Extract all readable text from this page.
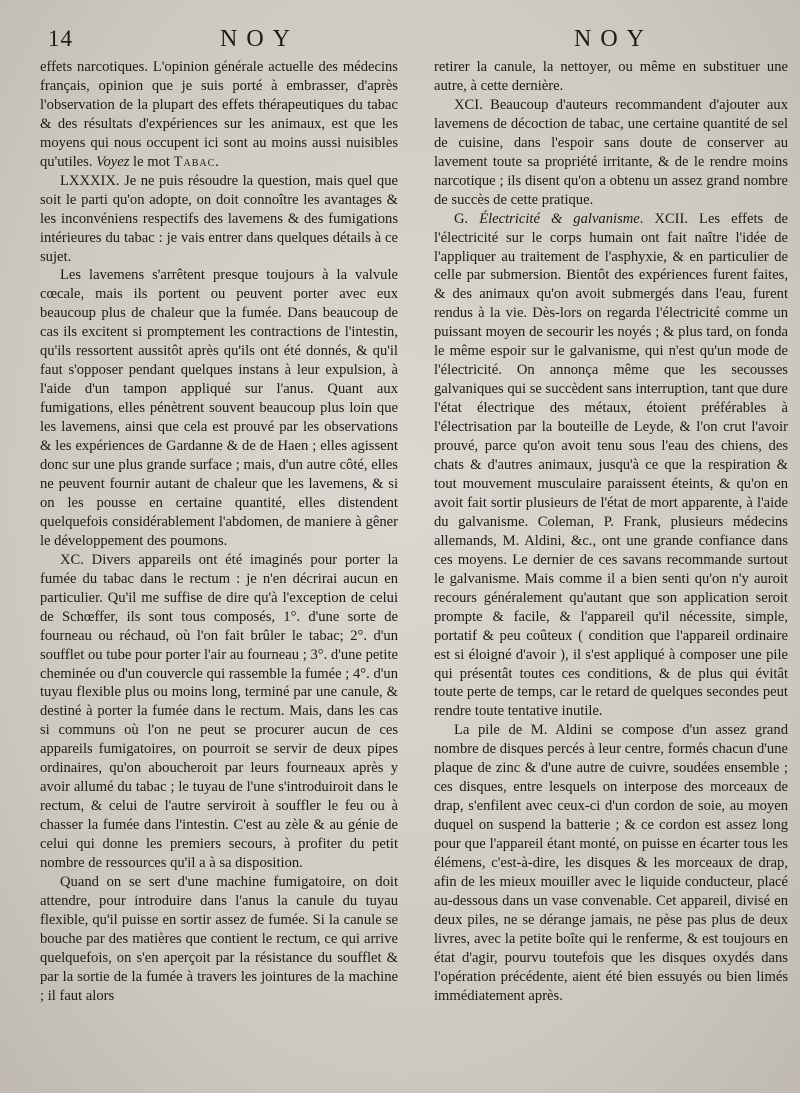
14	NOY	NOY

effets narcotiques. L'opinion générale actuelle des médecins français, opinion que je suis porté à embrasser, d'après l'observation de la plupart des effets thérapeutiques du tabac & des résultats d'expériences sur les animaux, est que les moyens qui nous occupent ici sont au moins aussi nuisibles qu'utiles. Voyez le mot Tabac.

LXXXIX. Je ne puis résoudre la question, mais quel que soit le parti qu'on adopte, on doit connoître les avantages & les inconvéniens respectifs des lavemens & des fumigations intérieures du tabac : je vais entrer dans quelques détails à ce sujet.

Les lavemens s'arrêtent presque toujours à la valvule cœcale, mais ils portent ou peuvent porter avec eux beaucoup plus de chaleur que la fumée. Dans beaucoup de cas ils excitent si promptement les contractions de l'intestin, qu'ils ressortent aussitôt après qu'ils ont été donnés, & qu'il faut s'opposer pendant quelques instans à leur expulsion, à l'aide d'un tampon appliqué sur l'anus. Quant aux fumigations, elles pénètrent souvent beaucoup plus loin que les lavemens, ainsi que cela est prouvé par les observations & les expériences de Gardanne & de de Haen ; elles agissent donc sur une plus grande surface ; mais, d'un autre côté, elles ne peuvent fournir autant de chaleur que les lavemens, & si on les pousse en certaine quantité, elles distendent quelquefois considérablement l'abdomen, de maniere à gêner le développement des poumons.

XC. Divers appareils ont été imaginés pour porter la fumée du tabac dans le rectum : je n'en décrirai aucun en particulier. Qu'il me suffise de dire qu'à l'exception de celui de Schœffer, ils sont tous composés, 1°. d'une sorte de fourneau ou réchaud, où l'on fait brûler le tabac; 2°. d'un soufflet ou tube pour porter l'air au fourneau ; 3°. d'une petite cheminée ou d'un couvercle qui rassemble la fumée ; 4°. d'un tuyau flexible plus ou moins long, terminé par une canule, & destiné à porter la fumée dans le rectum. Mais, dans les cas si communs où l'on ne peut se procurer aucun de ces appareils fumigatoires, on pourroit se servir de deux pipes ordinaires, qu'on aboucheroit par leurs fourneaux après y avoir allumé du tabac ; le tuyau de l'une s'introduiroit dans le rectum, & celui de l'autre serviroit à souffler le feu ou à chasser la fumée dans l'intestin. C'est au zèle & au génie de celui qui donne les premiers secours, à profiter du petit nombre de ressources qu'il a à sa disposition.

Quand on se sert d'une machine fumigatoire, on doit attendre, pour introduire dans l'anus la canule du tuyau flexible, qu'il puisse en sortir assez de fumée. Si la canule se bouche par des matières que contient le rectum, ce qui arrive quelquefois, on s'en aperçoit par la résistance du soufflet & par la sortie de la fumée à travers les jointures de la machine ; il faut alors

retirer la canule, la nettoyer, ou même en substituer une autre, à cette dernière.

XCI. Beaucoup d'auteurs recommandent d'ajouter aux lavemens de décoction de tabac, une certaine quantité de sel de cuisine, dans l'espoir sans doute de conserver au lavement toute sa propriété irritante, & de le rendre moins narcotique ; ils disent qu'on a obtenu un assez grand nombre de succès de cette pratique.

G. Électricité & galvanisme. XCII. Les effets de l'électricité sur le corps humain ont fait naître l'idée de l'appliquer au traitement de l'asphyxie, & en particulier de celle par submersion. Bientôt des expériences furent faites, & des animaux qu'on avoit submergés dans l'eau, furent rendus à la vie. Dès-lors on regarda l'électricité comme un puissant moyen de secourir les noyés ; & plus tard, on fonda le même espoir sur le galvanisme, qui n'est qu'un mode de l'électricité. On annonça même que les secousses galvaniques qui se succèdent sans interruption, tant que dure l'état électrique des métaux, étoient préférables à l'électrisation par la bouteille de Leyde, & l'on crut l'avoir prouvé, parce qu'on avoit tenu sous l'eau des chiens, des chats & d'autres animaux, jusqu'à ce que la respiration & tout mouvement musculaire paraissent éteints, & qu'on en avoit fait sortir plusieurs de l'état de mort apparente, à l'aide du galvanisme. Coleman, P. Frank, plusieurs médecins allemands, M. Aldini, &c., ont une grande confiance dans ces moyens. Le dernier de ces savans recommande surtout le galvanisme. Mais comme il a bien senti qu'on n'y auroit recours généralement qu'autant que son application seroit prompte & facile, & l'appareil qu'il nécessite, simple, portatif & peu coûteux ( condition que l'appareil ordinaire est si éloigné d'avoir ), il s'est appliqué à composer une pile qui présentât toutes ces conditions, & de plus qui évitât toute perte de temps, car le retard de quelques secondes peut rendre toute tentative inutile.

La pile de M. Aldini se compose d'un assez grand nombre de disques percés à leur centre, formés chacun d'une plaque de zinc & d'une autre de cuivre, soudées ensemble ; ces disques, entre lesquels on interpose des morceaux de drap, s'enfilent avec ceux-ci d'un cordon de soie, au moyen duquel on suspend la batterie ; & ce cordon est assez long pour que l'appareil étant monté, on puisse en écarter tous les élémens, c'est-à-dire, les disques & les morceaux de drap, afin de les mieux mouiller avec le liquide conducteur, placé au-dessous dans un vase convenable. Cet appareil, divisé en deux piles, ne se dérange jamais, ne pèse pas plus de deux livres, avec la petite boîte qui le renferme, & est toujours en état d'agir, pourvu toutefois que les disques oxydés dans l'opération précédente, aient été bien essuyés ou bien limés immédiatement après.
